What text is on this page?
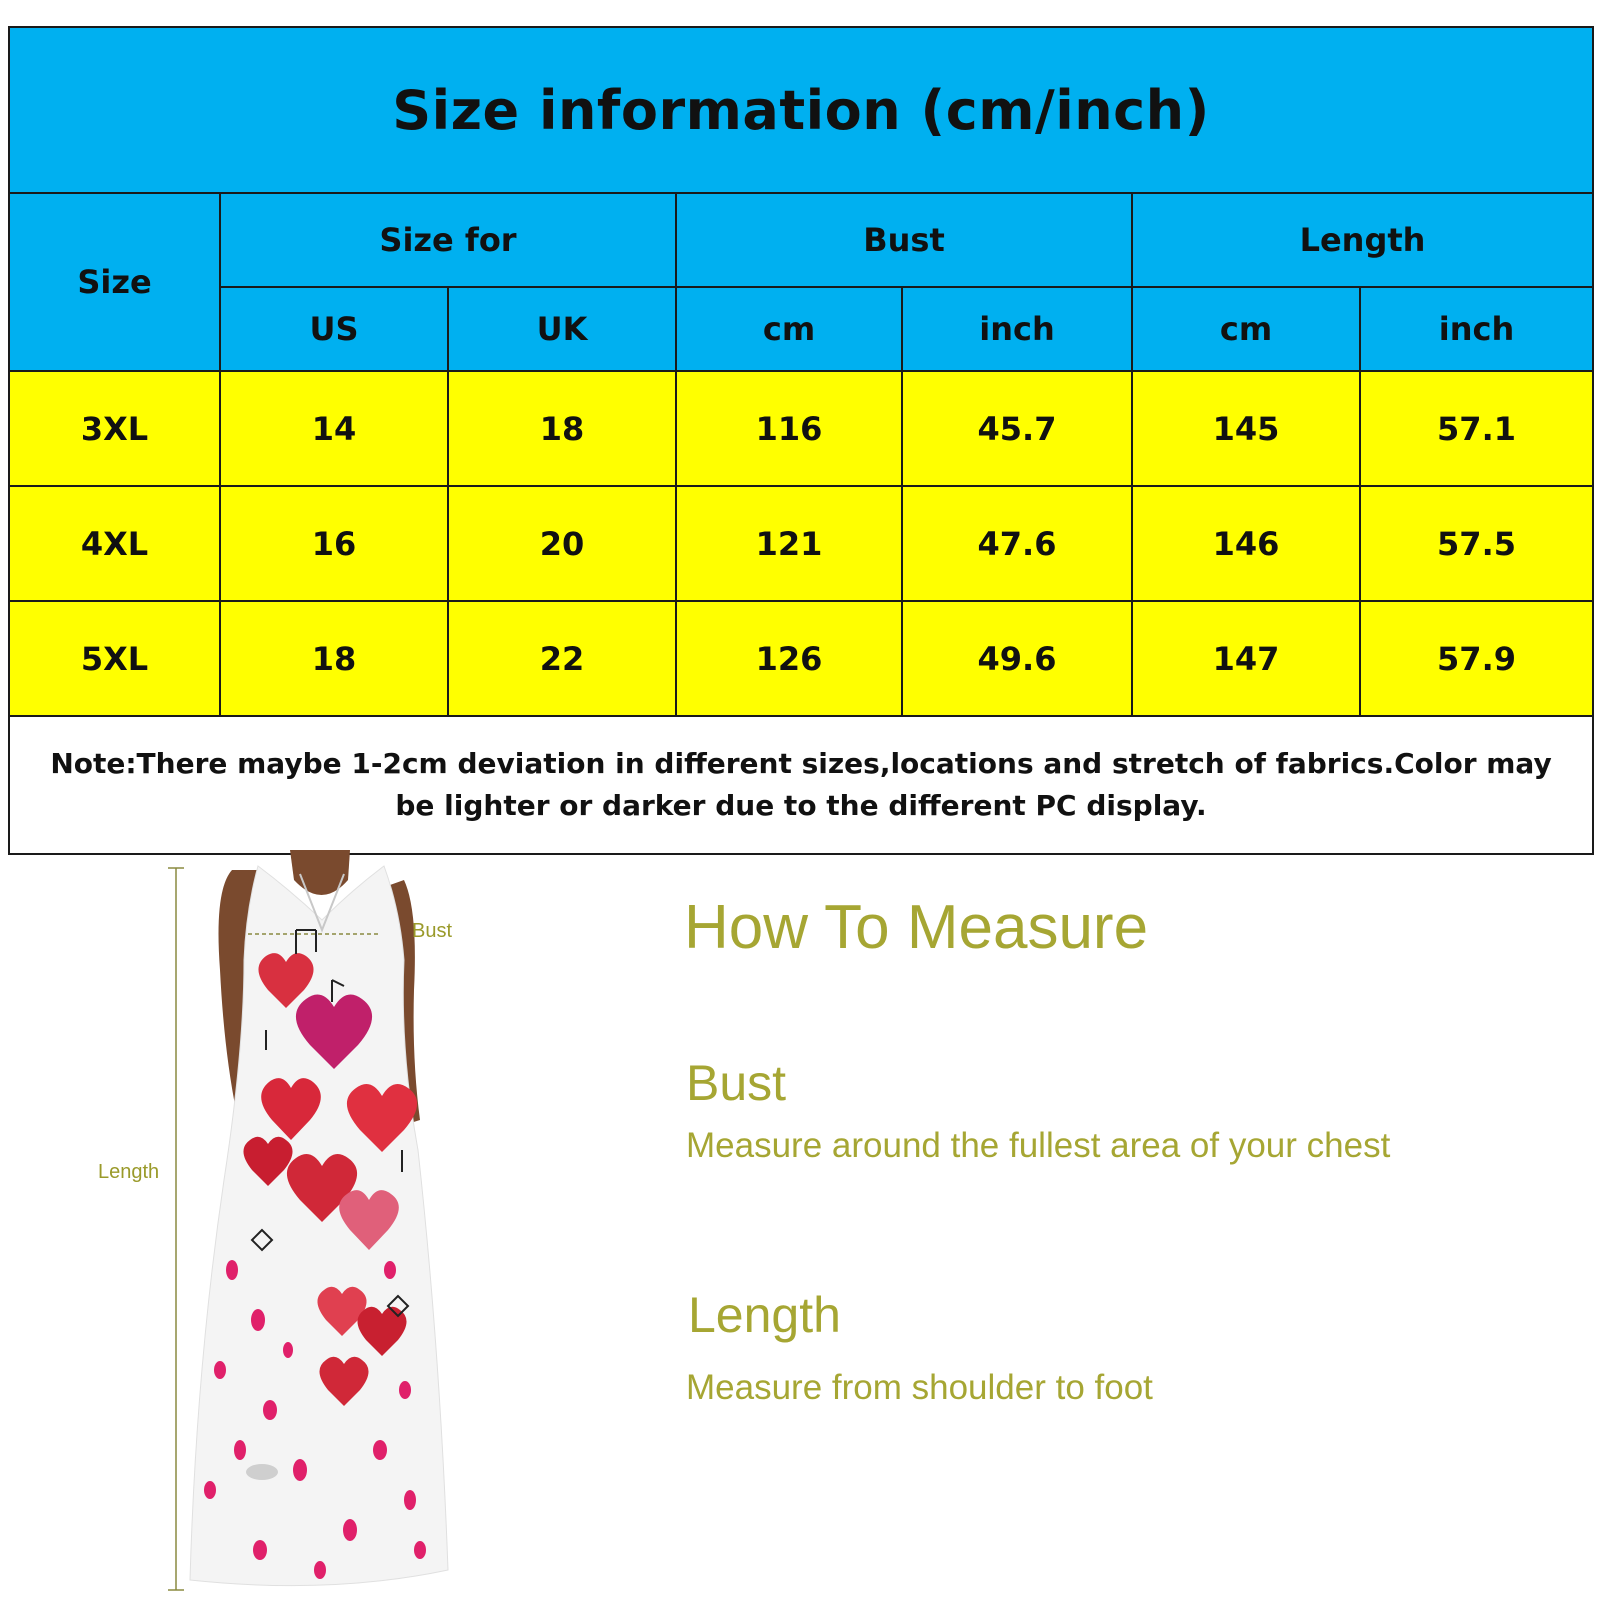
Size information (cm/inch)						
Size	Size for		Bust		Length	
	US	UK	cm	inch	cm	inch
3XL	14	18	116	45.7	145	57.1
4XL	16	20	121	47.6	146	57.5
5XL	18	22	126	49.6	147	57.9
Note:There maybe 1-2cm deviation in different sizes,locations and stretch of fabrics.Color may be lighter or darker due to the different PC display.						
Bust
Length
How To Measure
Bust
Measure around the fullest area of your chest
Length
Measure from shoulder to foot
